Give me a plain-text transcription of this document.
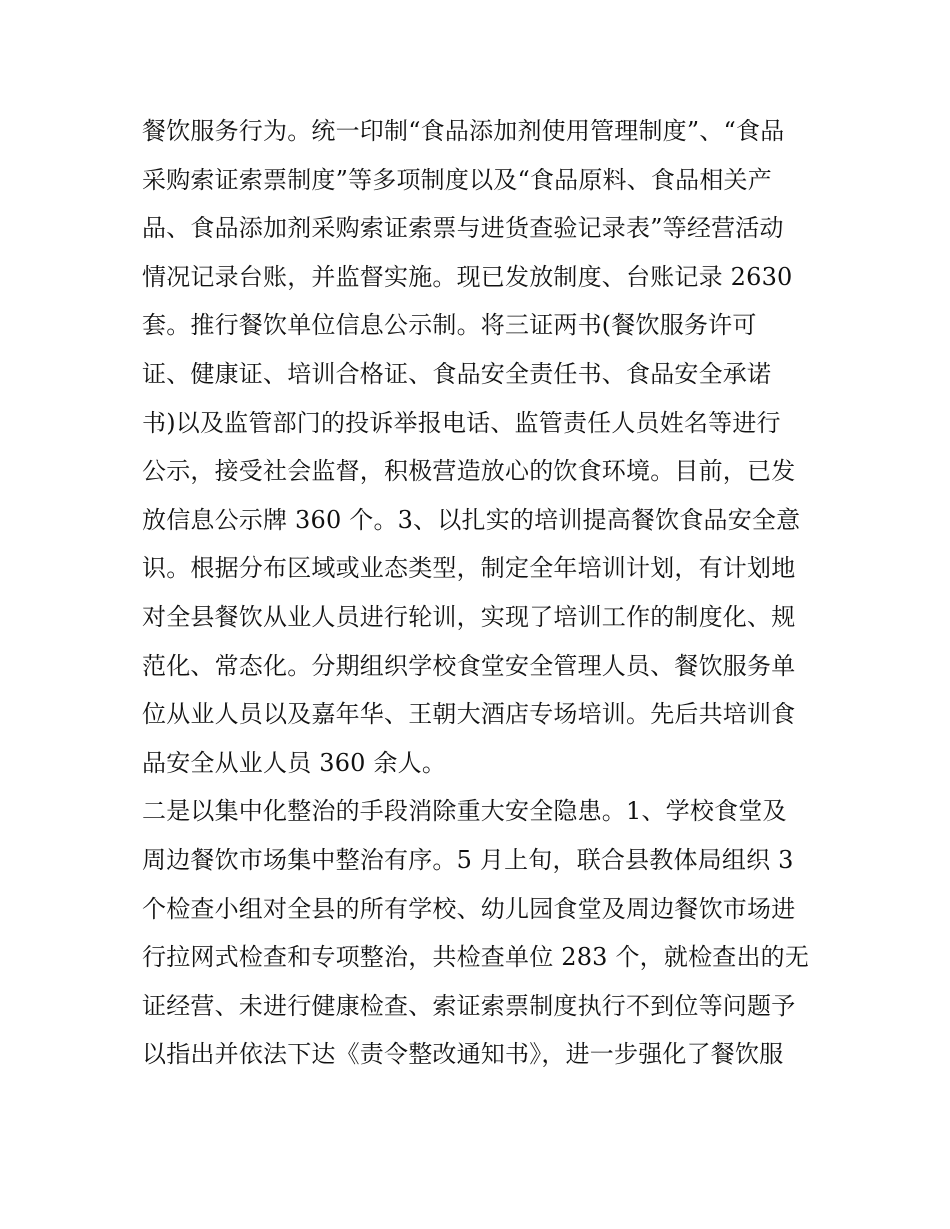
餐饮服务行为。统一印制“食品添加剂使用管理制度”、“食品
采购索证索票制度”等多项制度以及“食品原料、食品相关产
品、食品添加剂采购索证索票与进货查验记录表”等经营活动
情况记录台账，并监督实施。现已发放制度、台账记录 2630
套。推行餐饮单位信息公示制。将三证两书(餐饮服务许可
证、健康证、培训合格证、食品安全责任书、食品安全承诺
书)以及监管部门的投诉举报电话、监管责任人员姓名等进行
公示，接受社会监督，积极营造放心的饮食环境。目前，已发
放信息公示牌 360 个。3、以扎实的培训提高餐饮食品安全意
识。根据分布区域或业态类型，制定全年培训计划，有计划地
对全县餐饮从业人员进行轮训，实现了培训工作的制度化、规
范化、常态化。分期组织学校食堂安全管理人员、餐饮服务单
位从业人员以及嘉年华、王朝大酒店专场培训。先后共培训食
品安全从业人员 360 余人。
二是以集中化整治的手段消除重大安全隐患。1、学校食堂及
周边餐饮市场集中整治有序。5 月上旬，联合县教体局组织 3
个检查小组对全县的所有学校、幼儿园食堂及周边餐饮市场进
行拉网式检查和专项整治，共检查单位 283 个，就检查出的无
证经营、未进行健康检查、索证索票制度执行不到位等问题予
以指出并依法下达《责令整改通知书》，进一步强化了餐饮服
